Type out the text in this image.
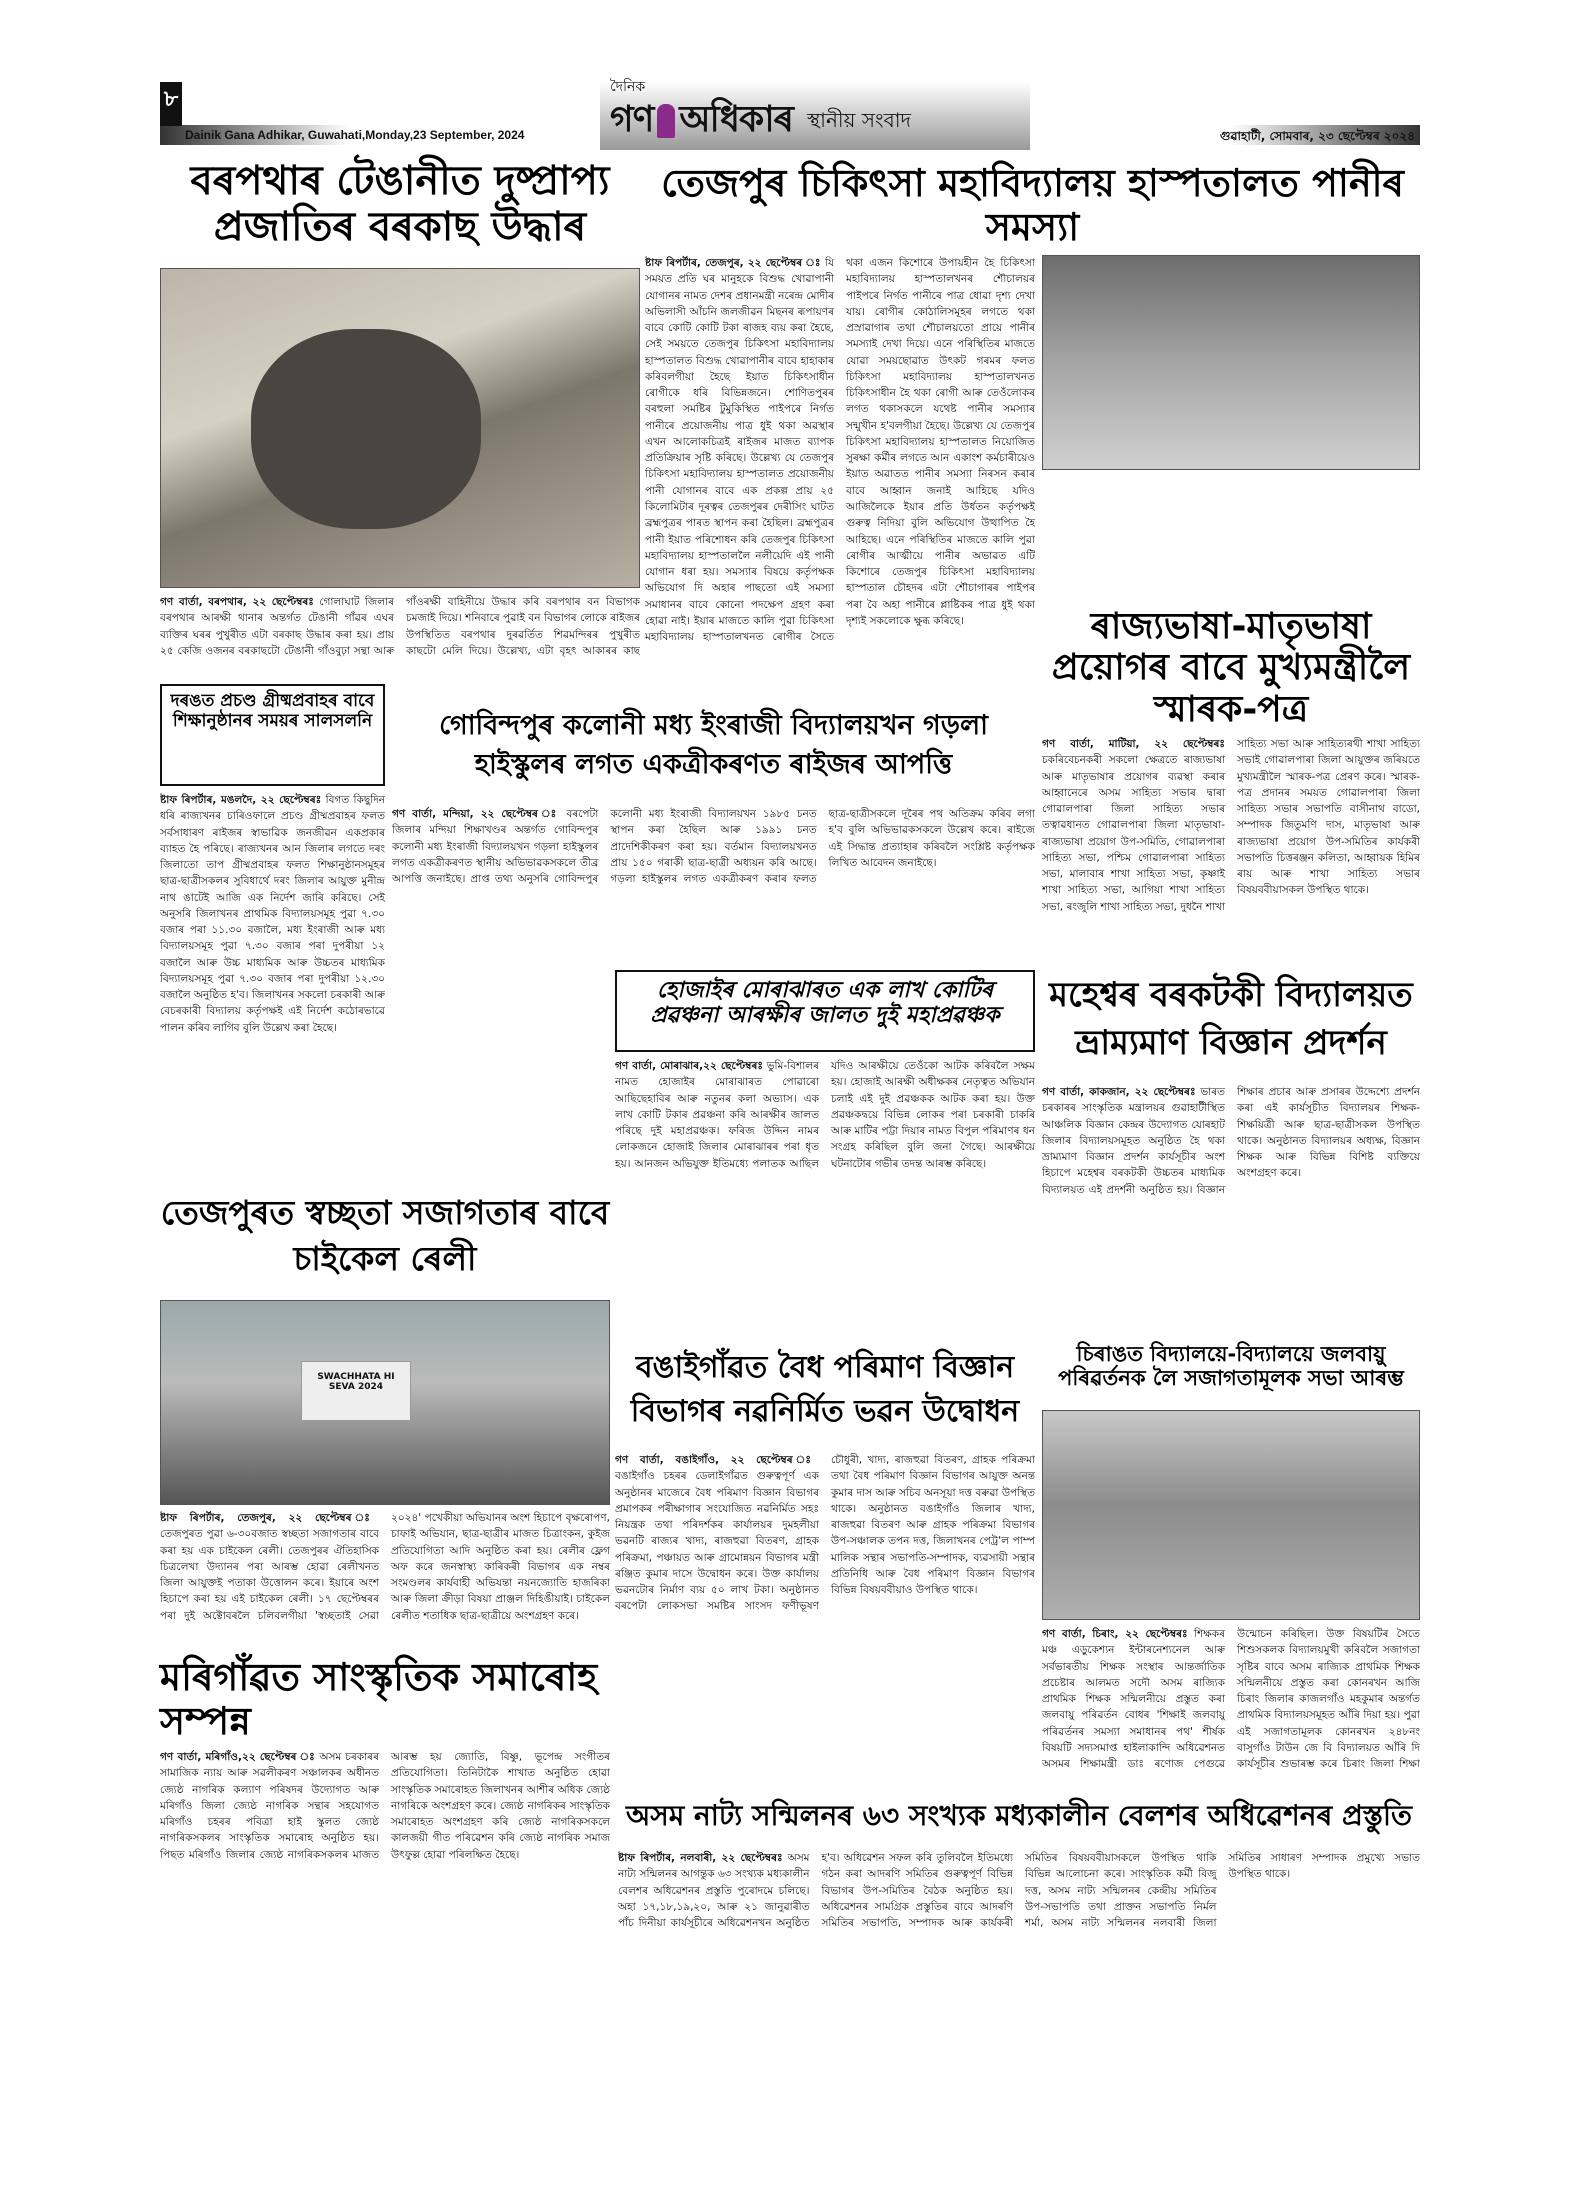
৮
Dainik Gana Adhikar, Guwahati,Monday,23 September, 2024
দৈনিক
গণ অধিকাৰ স্থানীয় সংবাদ
গুৱাহাটী, সোমবাৰ, ২৩ ছেপ্টেম্বৰ ২০২৪
বৰপথাৰ টেঙানীত দুষ্প্ৰাপ্য প্ৰজাতিৰ বৰকাছ উদ্ধাৰ
গণ বাৰ্তা, বৰপথাৰ, ২২ ছেপ্টেম্বৰঃ গোলাঘাট জিলাৰ বৰপথাৰ আৰক্ষী থানাৰ অন্তৰ্গত টেঙানী গাঁৱৰ এঘৰ ব্যক্তিৰ ঘৰৰ পুখুৰীত এটা বৰকাছ উদ্ধাৰ কৰা হয়। প্ৰায় ২৫ কেজি ওজনৰ বৰকাছটো টেঙানী গাঁওবুঢ়া সন্থা আৰু গাঁওৰক্ষী বাহিনীয়ে উদ্ধাৰ কৰি বৰপথাৰ বন বিভাগক চমজাই দিয়ে। শনিবাৰে পুৱাই বন বিভাগৰ লোকে ৰাইজৰ উপস্থিতিত বৰপথাৰ দুৰৱৰ্তিত শিৱমন্দিৰৰ পুখুৰীত কাছটো মেলি দিয়ে। উল্লেখ্য, এটা বৃহৎ আকাৰৰ কাছ
তেজপুৰ চিকিৎসা মহাবিদ্যালয় হাস্পতালত পানীৰ সমস্যা
ষ্টাফ ৰিপৰ্টাৰ, তেজপুৰ, ২২ ছেপ্টেম্বৰ ঃ যি সময়ত প্ৰতি ঘৰ মানুহকে বিশুদ্ধ খোৱাপানী যোগানৰ নামত দেশৰ প্ৰধানমন্ত্ৰী নৰেন্দ্ৰ মোদীৰ অভিলাসী আঁচনি জলজীৱন মিছনৰ ৰূপায়ণৰ বাবে কোটি কোটি টকা ৰাজহ ব্যয় কৰা হৈছে, সেই সময়তে তেজপুৰ চিকিৎসা মহাবিদ্যালয় হাস্পতালত বিশুদ্ধ খোৱাপানীৰ বাবে হাহাকাৰ কৰিবলগীয়া হৈছে ইয়াত চিকিৎসাধীন ৰোগীকে ধৰি বিভিন্নজনে। শোণিতপুৰৰ বৰহুলা সমষ্টিৰ টুমুকিস্থিত পাইপৰে নিৰ্গত পানীৰে প্ৰয়োজনীয় পাত্ৰ ধুই থকা অৱস্থাৰ এখন আলোকচিত্ৰই ৰাইজৰ মাজত ব্যাপক প্ৰতিক্ৰিয়াৰ সৃষ্টি কৰিছে। উল্লেখ্য যে তেজপুৰ চিকিৎসা মহাবিদ্যালয় হাস্পতালত প্ৰয়োজনীয় পানী যোগানৰ বাবে এক প্ৰকল্প প্ৰায় ২৫ কিলোমিটাৰ দূৰত্বৰ তেজপুৰৰ দেৰীসিং ঘাটত ব্ৰহ্মপুত্ৰৰ পাৰত স্থাপন কৰা হৈছিল। ব্ৰহ্মপুত্ৰৰ পানী ইয়াত পৰিশোধন কৰি তেজপুৰ চিকিৎসা মহাবিদ্যালয় হাস্পতাললৈ নলীয়েদি এই পানী যোগান ধৰা হয়। সমস্যাৰ বিষয়ে কৰ্তৃপক্ষক অভিযোগ দি অহাৰ পাছতো এই সমস্যা সমাধানৰ বাবে কোনো পদক্ষেপ গ্ৰহণ কৰা হোৱা নাই। ইয়াৰ মাজতে কালি পুৱা চিকিৎসা মহাবিদ্যালয় হাস্পতালখনত ৰোগীৰ সৈতে থকা এজন কিশোৰে উপায়হীন হৈ চিকিৎসা মহাবিদ্যালয় হাস্পতালখনৰ শৌচালয়ৰ পাইপৰে নিৰ্গত পানীৰে পাত্ৰ ধোৱা দৃশ্য দেখা যায়। ৰোগীৰ কোঠালিসমূহৰ লগতে থকা প্ৰস্ৰাৱাগাৰ তথা শৌচালয়তো প্ৰায়ে পানীৰ সমস্যাই দেখা দিয়ে। এনে পৰিস্থিতিৰ মাজতে যোৱা সময়ছোৱাত উৎকট গৰমৰ ফলত চিকিৎসা মহাবিদ্যালয় হাস্পতালখনত চিকিৎসাধীন হৈ থকা ৰোগী আৰু তেওঁলোকৰ লগত থকাসকলে যথেষ্ট পানীৰ সমস্যাৰ সন্মুখীন হ'বলগীয়া হৈছে। উল্লেখ্য যে তেজপুৰ চিকিৎসা মহাবিদ্যালয় হাস্পতালত নিয়োজিত সুৰক্ষা কৰ্মীৰ লগতে আন একাংশ কৰ্মচাৰীয়েও ইয়াত অৱাতত পানীৰ সমস্যা নিৰসন কৰাৰ বাবে আহ্বান জনাই আহিছে যদিও আজিলৈকে ইয়াৰ প্ৰতি উৰ্ধতন কৰ্তৃপক্ষই গুৰুত্ব নিদিয়া বুলি অভিযোগ উত্থাপিত হৈ আহিছে। এনে পৰিস্থিতিৰ মাজতে কালি পুৱা ৰোগীৰ আত্মীয়ে পানীৰ অভাৱত এটি কিশোৰে তেজপুৰ চিকিৎসা মহাবিদ্যালয় হাস্পতাল চৌহদৰ এটা শৌচাগাৰৰ পাইপৰ পৰা বৈ অহা পানীৰে প্লাষ্টিকৰ পাত্ৰ ধুই থকা দৃশ্যই সকলোকে ক্ষুব্ধ কৰিছে।	ৰাজ্যভাষা-মাতৃভাষা প্ৰয়োগৰ বাবে মুখ্যমন্ত্ৰীলৈ স্মাৰক-পত্ৰ
গণ বাৰ্তা, মাটিয়া, ২২ ছেপ্টেম্বৰঃ চকৰিবেচনকৰী সকলো ক্ষেত্ৰতে ৰাজ্যভাষা আৰু মাতৃভাষাৰ প্ৰয়োগৰ ব্যৱস্থা কৰাৰ আহ্বানেৰে অসম সাহিত্য সভাৰ দ্বাৰা গোৱালপাৰা জিলা সাহিত্য সভাৰ তত্বাৱধানত গোৱালপাৰা জিলা মাতৃভাষা-ৰাজ্যভাষা প্ৰয়োগ উপ-সমিতি, গোৱালপাৰা সাহিত্য সভা, পশ্চিম গোৱালপাৰা সাহিত্য সভা, মালাবাৰ শাখা সাহিত্য সভা, কৃষ্ণাই শাখা সাহিত্য সভা, আগিয়া শাখা সাহিত্য সভা, ৰংজুলি শাখা সাহিত্য সভা, দুধনৈ শাখা সাহিত্য সভা আৰু সাহিত্যৰথী শাখা সাহিত্য সভাই গোৱালপাৰা জিলা আয়ুক্তৰ জৰিয়তে মুখ্যমন্ত্ৰীলৈ স্মাৰক-পত্ৰ প্ৰেৰণ কৰে। স্মাৰক-পত্ৰ প্ৰদানৰ সময়ত গোৱালপাৰা জিলা সাহিত্য সভাৰ সভাপতি বাসীনাথ বাডো, সম্পাদক জিতুমণি দাস, মাতৃভাষা আৰু ৰাজ্যভাষা প্ৰয়োগ উপ-সমিতিৰ কাৰ্যকৰী সভাপতি চিত্তৰঞ্জন কলিতা, আহ্বায়ক হিমিৰ ৰায় আৰু শাখা সাহিত্য সভাৰ বিষয়ববীয়াসকল উপস্থিত থাকে।
দৰঙত প্ৰচণ্ড গ্ৰীষ্মপ্ৰবাহৰ বাবে শিক্ষানুষ্ঠানৰ সময়ৰ সালসলনি
ষ্টাফ ৰিপৰ্টাৰ, মঙলদৈ, ২২ ছেপ্টেম্বৰঃ বিগত কিছুদিন ধৰি ৰাজ্যখনৰ চাৰিওফালে প্ৰচণ্ড গ্ৰীষ্মপ্ৰবাহৰ ফলত সৰ্বসাধাৰণ ৰাইজৰ স্বাভাৱিক জনজীৱন একপ্ৰকাৰ ব্যাহত হৈ পৰিছে। ৰাজ্যখনৰ আন জিলাৰ লগতে দৰং জিলাতো তাপ গ্ৰীষ্মপ্ৰবাহৰ ফলত শিক্ষানুষ্ঠানসমূহৰ ছাত্ৰ-ছাত্ৰীসকলৰ সুবিধাৰ্থে দৰং জিলাৰ আয়ুক্ত মুনীন্দ্ৰ নাথ ঙাটেই আজি এক নিৰ্দেশ জাৰি কৰিছে। সেই অনুসৰি জিলাখনৰ প্ৰাথমিক বিদ্যালয়সমূহ পুৱা ৭.৩০ বজাৰ পৰা ১১.৩০ বজালৈ, মধ্য ইংৰাজী আৰু মধ্য বিদ্যালয়সমূহ পুৱা ৭.৩০ বজাৰ পৰা দুপৰীয়া ১২ বজালৈ আৰু উচ্চ মাধ্যমিক আৰু উচ্চতৰ মাধ্যমিক বিদ্যালয়সমূহ পুৱা ৭.৩০ বজাৰ পৰা দুপৰীয়া ১২.৩০ বজালৈ অনুষ্ঠিত হ'ব। জিলাখনৰ সকলো চৰকাৰী আৰু বেচৰকাৰী বিদ্যালয় কৰ্তৃপক্ষই এই নিৰ্দেশ কঠোৰভাৱে পালন কৰিব লাগিব বুলি উল্লেখ কৰা হৈছে।
গোবিন্দপুৰ কলোনী মধ্য ইংৰাজী বিদ্যালয়খন গড়লা হাইস্কুলৰ লগত একত্ৰীকৰণত ৰাইজৰ আপত্তি
গণ বাৰ্তা, মন্দিয়া, ২২ ছেপ্টেম্বৰ ঃ বৰপেটা জিলাৰ মন্দিয়া শিক্ষাখণ্ডৰ অন্তৰ্গত গোবিন্দপুৰ কলোনী মধ্য ইংৰাজী বিদ্যালয়খন গড়লা হাইস্কুলৰ লগত একত্ৰীকৰণত স্থানীয় অভিভাৱকসকলে তীব্ৰ আপত্তি জনাইছে। প্ৰাপ্ত তথ্য অনুসৰি গোবিন্দপুৰ কলোনী মধ্য ইংৰাজী বিদ্যালয়খন ১৯৮৫ চনত স্থাপন কৰা হৈছিল আৰু ১৯৯১ চনত প্ৰাদেশিকীকৰণ কৰা হয়। বৰ্তমান বিদ্যালয়খনত প্ৰায় ১৫০ গৰাকী ছাত্ৰ-ছাত্ৰী অধ্যয়ন কৰি আছে। গড়লা হাইস্কুলৰ লগত একত্ৰীকৰণ কৰাৰ ফলত ছাত্ৰ-ছাত্ৰীসকলে দূৰৈৰ পথ অতিক্ৰম কৰিব লগা হ'ব বুলি অভিভাৱকসকলে উল্লেখ কৰে। ৰাইজে এই সিদ্ধান্ত প্ৰত্যাহাৰ কৰিবলৈ সংশ্লিষ্ট কৰ্তৃপক্ষক লিখিত আবেদন জনাইছে।
হোজাইৰ মোৰাঝাৰত এক লাখ কোটিৰ প্ৰৱঞ্চনা আৰক্ষীৰ জালত দুই মহাপ্ৰৱঞ্চক
গণ বাৰ্তা, মোৰাঝাৰ,২২ ছেপ্টেম্বৰঃ ভুমি-বিশালৰ নামত হোজাইৰ মোৰাঝাৰত পোৱাৰো আছিছেহাবিৰ আৰু নতুনৰ কলা অভ্যাস। এক লাখ কোটি টকাৰ প্ৰৱঞ্চনা কৰি আৰক্ষীৰ জালত পৰিছে দুই মহাপ্ৰৱঞ্চক। ফৰিজ উদ্দিন নামৰ লোকজনে হোজাই জিলাৰ মোৰাঝাৰৰ পৰা ধৃত হয়। আনজন অভিযুক্ত ইতিমধ্যে পলাতক আছিল যদিও আৰক্ষীয়ে তেওঁকো আটক কৰিবলৈ সক্ষম হয়। হোজাই আৰক্ষী অধীক্ষকৰ নেতৃত্বত অভিযান চলাই এই দুই প্ৰৱঞ্চকক আটক কৰা হয়। উক্ত প্ৰৱঞ্চকদ্বয়ে বিভিন্ন লোকৰ পৰা চৰকাৰী চাকৰি আৰু মাটিৰ পট্টা দিয়াৰ নামত বিপুল পৰিমাণৰ ধন সংগ্ৰহ কৰিছিল বুলি জনা গৈছে। আৰক্ষীয়ে ঘটনাটোৰ গভীৰ তদন্ত আৰম্ভ কৰিছে।
তেজপুৰত স্বচ্ছতা সজাগতাৰ বাবে চাইকেল ৰেলী
SWACHHATA HI SEVA 2024
ষ্টাফ ৰিপৰ্টাৰ, তেজপুৰ, ২২ ছেপ্টেম্বৰ ঃ তেজপুৰত পুৱা ৬-৩০বজাত স্বচ্ছতা সজাগতাৰ বাবে কৰা হয় এক চাইকেল ৰেলী। তেজপুৰৰ ঐতিহাসিক চিত্ৰলেখা উদ্যানৰ পৰা আৰম্ভ হোৱা ৰেলীখনত জিলা আয়ুক্তই পতাকা উত্তোলন কৰে। ইয়াৰে অংশ হিচাপে কৰা হয় এই চাইকেল ৰেলী। ১৭ ছেপ্টেম্বৰৰ পৰা দুই অক্টোবৰলৈ চলিবলগীয়া 'স্বচ্ছতাই সেৱা ২০২৪' পখেকীয়া অভিযানৰ অংশ হিচাপে বৃক্ষৰোপণ, চাফাই অভিযান, ছাত্ৰ-ছাত্ৰীৰ মাজত চিত্ৰাংকন, কুইজ প্ৰতিযোগিতা আদি অনুষ্ঠিত কৰা হয়। ৰেলীৰ ফ্লেগ অফ কৰে জনস্বাস্থ্য কাৰিকৰী বিভাগৰ এক নম্বৰ সংমণ্ডলৰ কাৰ্যবাহী অভিযন্তা নয়নজ্যোতি হাজৰিকা আৰু জিলা ক্ৰীড়া বিষয়া প্ৰাঞ্জল দিহিঙীয়াই। চাইকেল ৰেলীত শতাধিক ছাত্ৰ-ছাত্ৰীয়ে অংশগ্ৰহণ কৰে।
মহেশ্বৰ বৰকটকী বিদ্যালয়ত ভ্ৰাম্যমাণ বিজ্ঞান প্ৰদৰ্শন
গণ বাৰ্তা, কাকজান, ২২ ছেপ্টেম্বৰঃ ভাৰত চৰকাৰৰ সাংস্কৃতিক মন্ত্ৰালয়ৰ গুৱাহাটীস্থিত আঞ্চলিক বিজ্ঞান কেন্দ্ৰৰ উদ্যোগত যোৰহাট জিলাৰ বিদ্যালয়সমূহত অনুষ্ঠিত হৈ থকা ভ্ৰাম্যমাণ বিজ্ঞান প্ৰদৰ্শন কাৰ্যসূচীৰ অংশ হিচাপে মহেশ্বৰ বৰকটকী উচ্চতৰ মাধ্যমিক বিদ্যালয়ত এই প্ৰদৰ্শনী অনুষ্ঠিত হয়। বিজ্ঞান শিক্ষাৰ প্ৰচাৰ আৰু প্ৰসাৰৰ উদ্দেশ্যে প্ৰদৰ্শন কৰা এই কাৰ্যসূচীত বিদ্যালয়ৰ শিক্ষক-শিক্ষয়িত্ৰী আৰু ছাত্ৰ-ছাত্ৰীসকল উপস্থিত থাকে। অনুষ্ঠানত বিদ্যালয়ৰ অধ্যক্ষ, বিজ্ঞান শিক্ষক আৰু বিভিন্ন বিশিষ্ট ব্যক্তিয়ে অংশগ্ৰহণ কৰে।
চিৰাঙত বিদ্যালয়ে-বিদ্যালয়ে জলবায়ু পৰিৱৰ্তনক লৈ সজাগতামূলক সভা আৰম্ভ
গণ বাৰ্তা, চিৰাং, ২২ ছেপ্টেম্বৰঃ শিক্ষকৰ মঞ্চ এড়ুকেশ্যন ইন্টাৰনেশ্যনেল আৰু সৰ্বভাৰতীয় শিক্ষক সংস্থাৰ আন্তৰ্জাতিক প্ৰচেষ্টাৰ আলমত সদৌ অসম ৰাজ্যিক প্ৰাথমিক শিক্ষক সন্মিলনীয়ে প্ৰস্তুত কৰা জলবায়ু পৰিৱৰ্তন বোধৰ 'শিক্ষাই জলবায়ু পৰিৱৰ্তনৰ সমস্যা সমাধানৰ পথ' শীৰ্ষক বিষয়টি সদ্যসমাপ্ত হাইলাকান্দি অধিৱেশনত অসমৰ শিক্ষামন্ত্ৰী ডাঃ ৰণোজ পেগুৱে উন্মোচন কৰিছিল। উক্ত বিষয়টিৰ সৈতে শিশুসকলক বিদ্যালয়মুখী কৰিবলৈ সজাগতা সৃষ্টিৰ বাবে অসম ৰাজ্যিক প্ৰাথমিক শিক্ষক সন্মিলনীয়ে প্ৰস্তুত কৰা কোনৰখন আজি চিৰাং জিলাৰ কাজলগাঁও মহকুমাৰ অন্তৰ্গত প্ৰাথমিক বিদ্যালয়সমূহত আঁৰি দিয়া হয়। পুৱা এই সজাগতামূলক কোনৰখন ২৪৮নং বাসুগাঁও টাউন জে বি বিদ্যালয়ত আঁৰি দি কাৰ্যসূচীৰ শুভাৰম্ভ কৰে চিৰাং জিলা শিক্ষা
বঙাইগাঁৱত বৈধ পৰিমাণ বিজ্ঞান বিভাগৰ নৱনিৰ্মিত ভৱন উদ্বোধন
গণ বাৰ্তা, বঙাইগাঁও, ২২ ছেপ্টেম্বৰ ঃ বঙাইগাঁও চহৰৰ ডেলাইগাঁৱত গুৰুত্বপূৰ্ণ এক অনুষ্ঠানৰ মাজেৰে বৈধ পৰিমাণ বিজ্ঞান বিভাগৰ প্ৰমাপকৰ পৰীক্ষাগাৰ সংযোজিত নৱনিৰ্মিত সহঃ নিয়ন্ত্ৰক তথা পৰিদৰ্শকৰ কাৰ্যালয়ৰ দুমহলীয়া ভৱনটি ৰাজ্যৰ খাদ্য, ৰাজহুৱা বিতৰণ, গ্ৰাহক পৰিক্ৰমা, পঞ্চায়ত আৰু গ্ৰামোন্নয়ন বিভাগৰ মন্ত্ৰী ৰঞ্জিত কুমাৰ দাসে উদ্বোধন কৰে। উক্ত কাৰ্যালয় ভৱনটোৰ নিৰ্মাণ ব্যয় ৫০ লাখ টকা। অনুষ্ঠানত বৰপেটা লোকসভা সমষ্টিৰ সাংসদ ফণীভূষণ চৌধুৰী, খাদ্য, ৰাজহুৱা বিতৰণ, গ্ৰাহক পৰিক্ৰমা তথা বৈধ পৰিমাণ বিজ্ঞান বিভাগৰ আয়ুক্ত অনন্ত কুমাৰ দাস আৰু সচিব অনসূয়া দত্ত বৰুৱা উপস্থিত থাকে। অনুষ্ঠানত বঙাইগাঁও জিলাৰ খাদ্য, ৰাজহুৱা বিতৰণ আৰু গ্ৰাহক পৰিক্ৰমা বিভাগৰ উপ-সঞ্চালক তপন দত্ত, জিলাখনৰ পেট্ৰ'ল পাম্প মালিক সন্থাৰ সভাপতি-সম্পাদক, ব্যৱসায়ী সন্থাৰ প্ৰতিনিধি আৰু বৈধ পৰিমাণ বিজ্ঞান বিভাগৰ বিভিন্ন বিষয়ববীয়াও উপস্থিত থাকে।
মৰিগাঁৱত সাংস্কৃতিক সমাৰোহ সম্পন্ন
গণ বাৰ্তা, মৰিগাঁও,২২ ছেপ্টেম্বৰ ঃ অসম চৰকাৰৰ সামাজিক ন্যায় আৰু সৱলীকৰণ সঞ্চালকৰ অধীনত জ্যেষ্ঠ নাগৰিক কল্যাণ পৰিষদৰ উদ্যোগত আৰু মৰিগাঁও জিলা জ্যেষ্ঠ নাগৰিক সন্থাৰ সহযোগত মৰিগাঁও চহৰৰ পবিত্ৰা হাই স্কুলত জ্যেষ্ঠ নাগৰিকসকলৰ সাংস্কৃতিক সমাৰোহ অনুষ্ঠিত হয়। পিছত মৰিগাঁও জিলাৰ জ্যেষ্ঠ নাগৰিকসকলৰ মাজত আৰম্ভ হয় জ্যোতি, বিষ্ণু, ভূপেন্দ্ৰ সংগীতৰ প্ৰতিযোগিতা। তিনিটাকৈ শাখাত অনুষ্ঠিত হোৱা সাংস্কৃতিক সমাৰোহত জিলাখনৰ আশীৰ অধিক জ্যেষ্ঠ নাগৰিকে অংশগ্ৰহণ কৰে। জ্যেষ্ঠ নাগৰিকৰ সাংস্কৃতিক সমাৰোহত অংশগ্ৰহণ কৰি জ্যেষ্ঠ নাগৰিকসকলে কালজয়ী গীত পৰিৱেশন কৰি জ্যেষ্ঠ নাগৰিক সমাজ উৎফুল্ল হোৱা পৰিলক্ষিত হৈছে।
অসম নাট্য সন্মিলনৰ ৬৩ সংখ্যক মধ্যকালীন বেলশৰ অধিৱেশনৰ প্ৰস্তুতি
ষ্টাফ ৰিপৰ্টাৰ, নলবাৰী, ২২ ছেপ্টেম্বৰঃ অসম নাট্য সন্মিলনৰ আগন্তুক ৬৩ সংখ্যক মধ্যকালীন বেলশৰ অধিৱেশনৰ প্ৰস্তুতি পুৰোদমে চলিছে। অহা ১৭,১৮,১৯,২০, আৰু ২১ জানুৱাৰীত পাঁচ দিনীয়া কাৰ্যসূচীৰে অধিৱেশনখন অনুষ্ঠিত হ'ব। অধিৱেশন সফল কৰি তুলিবলৈ ইতিমধ্যে গঠন কৰা আদৰণি সমিতিৰ গুৰুত্বপূৰ্ণ বিভিন্ন বিভাগৰ উপ-সমিতিৰ বৈঠক অনুষ্ঠিত হয়। অধিৱেশনৰ সামগ্ৰিক প্ৰস্তুতিৰ বাবে আদৰণি সমিতিৰ সভাপতি, সম্পাদক আৰু কাৰ্যকৰী সমিতিৰ বিষয়ববীয়াসকলে উপস্থিত থাকি বিভিন্ন আলোচনা কৰে। সাংস্কৃতিক কৰ্মী বিজু দত্ত, অসম নাট্য সন্মিলনৰ কেন্দ্ৰীয় সমিতিৰ উপ-সভাপতি তথা প্ৰাক্তন সভাপতি নিৰ্মল শৰ্মা, অসম নাট্য সন্মিলনৰ নলবাৰী জিলা সমিতিৰ সাধাৰণ সম্পাদক প্ৰমুখ্যে সভাত উপস্থিত থাকে।
